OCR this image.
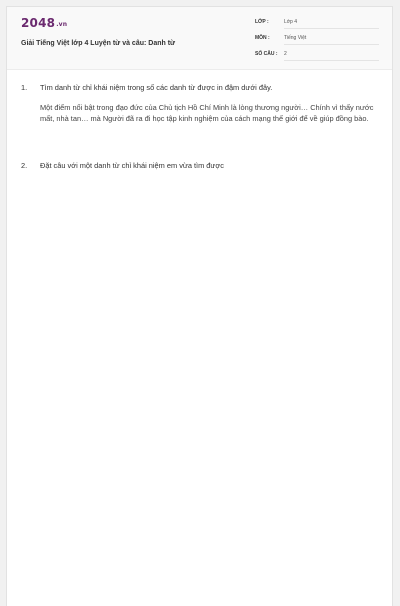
2048.vn
Giải Tiếng Việt lớp 4 Luyện từ và câu: Danh từ
LỚP :	Lớp 4
MÔN :	Tiếng Việt
SỐ CÂU : 2
1. Tìm danh từ chỉ khái niệm trong số các danh từ được in đậm dưới đây.
Một điểm nổi bật trong đạo đức của Chủ tịch Hồ Chí Minh là lòng thương người… Chính vì thấy nước mất, nhà tan… mà Người đã ra đi học tập kinh nghiệm của cách mạng thế giới để về giúp đồng bào.
2. Đặt câu với một danh từ chỉ khái niệm em vừa tìm được
